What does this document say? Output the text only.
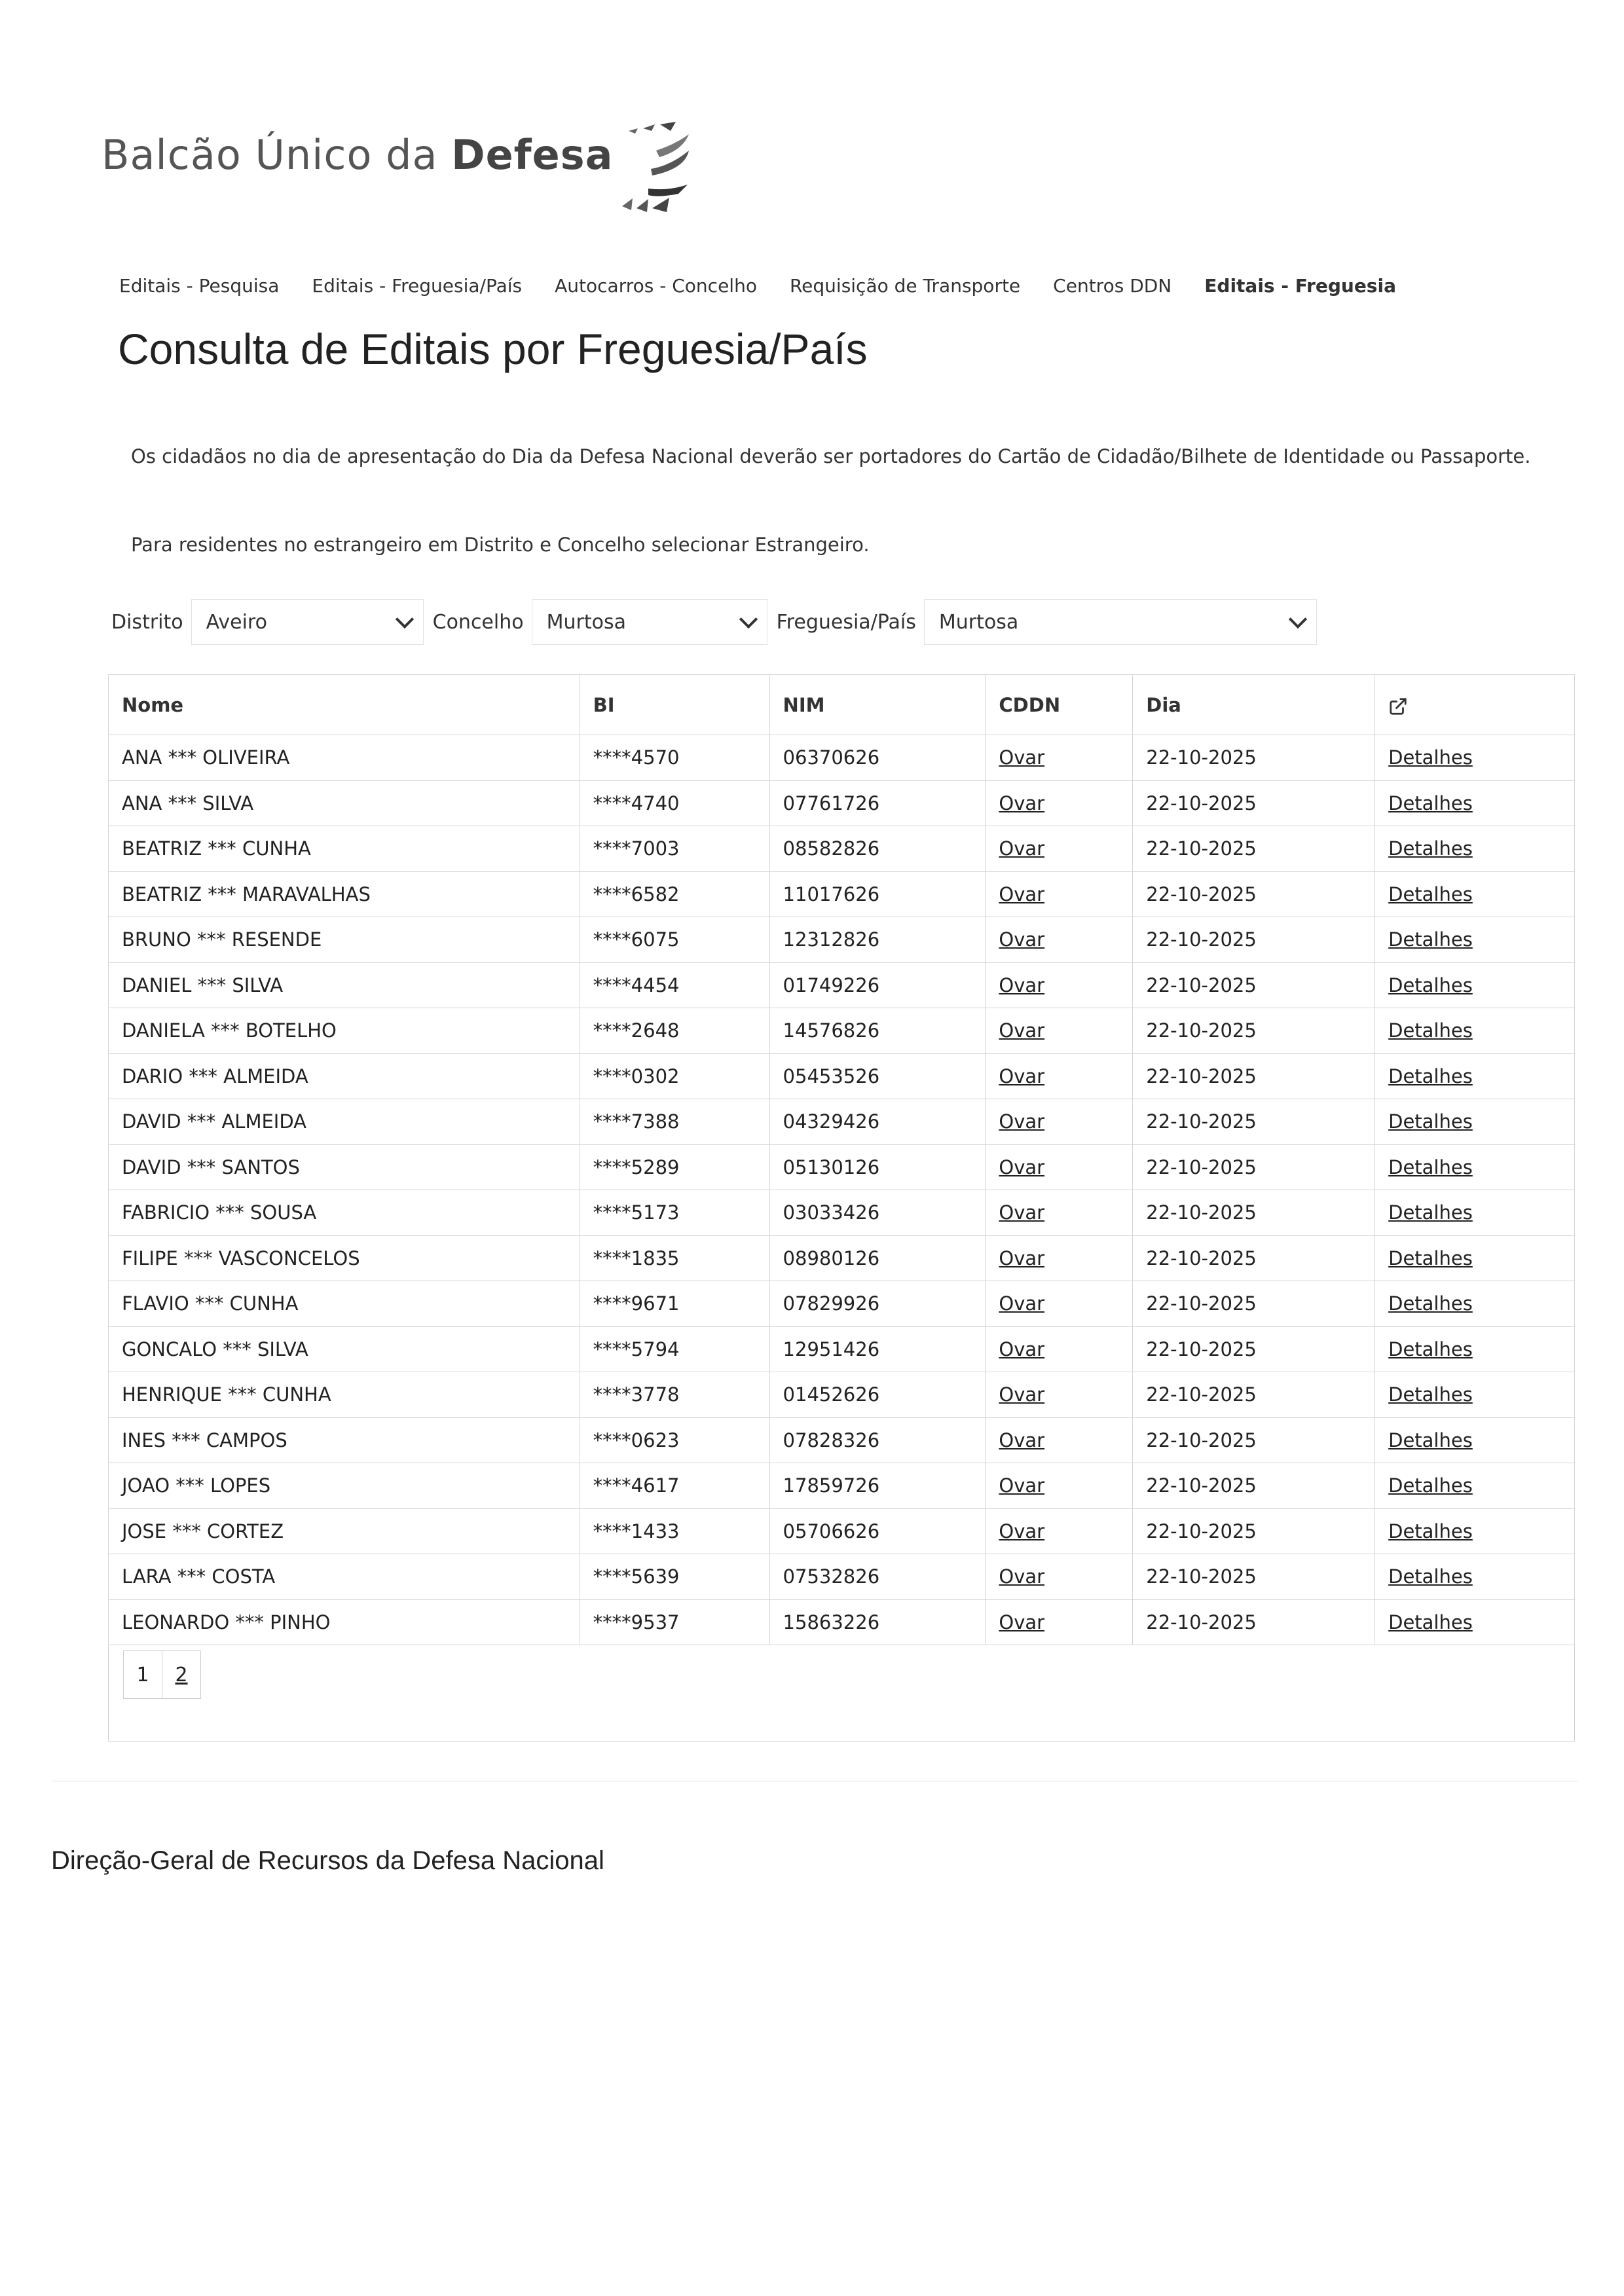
Balcão Único da Defesa
Editais - Pesquisa Editais - Freguesia/País Autocarros - Concelho Requisição de Transporte Centros DDN Editais - Freguesia
Consulta de Editais por Freguesia/País
Os cidadãos no dia de apresentação do Dia da Defesa Nacional deverão ser portadores do Cartão de Cidadão/Bilhete de Identidade ou Passaporte.
Para residentes no estrangeiro em Distrito e Concelho selecionar Estrangeiro.
Distrito Aveiro	Concelho Murtosa	Freguesia/País Murtosa
Nome	BI	NIM	CDDN	Dia	
ANA *** OLIVEIRA	****4570	06370626	Ovar	22-10-2025	Detalhes
ANA *** SILVA	****4740	07761726	Ovar	22-10-2025	Detalhes
BEATRIZ *** CUNHA	****7003	08582826	Ovar	22-10-2025	Detalhes
BEATRIZ *** MARAVALHAS	****6582	11017626	Ovar	22-10-2025	Detalhes
BRUNO *** RESENDE	****6075	12312826	Ovar	22-10-2025	Detalhes
DANIEL *** SILVA	****4454	01749226	Ovar	22-10-2025	Detalhes
DANIELA *** BOTELHO	****2648	14576826	Ovar	22-10-2025	Detalhes
DARIO *** ALMEIDA	****0302	05453526	Ovar	22-10-2025	Detalhes
DAVID *** ALMEIDA	****7388	04329426	Ovar	22-10-2025	Detalhes
DAVID *** SANTOS	****5289	05130126	Ovar	22-10-2025	Detalhes
FABRICIO *** SOUSA	****5173	03033426	Ovar	22-10-2025	Detalhes
FILIPE *** VASCONCELOS	****1835	08980126	Ovar	22-10-2025	Detalhes
FLAVIO *** CUNHA	****9671	07829926	Ovar	22-10-2025	Detalhes
GONCALO *** SILVA	****5794	12951426	Ovar	22-10-2025	Detalhes
HENRIQUE *** CUNHA	****3778	01452626	Ovar	22-10-2025	Detalhes
INES *** CAMPOS	****0623	07828326	Ovar	22-10-2025	Detalhes
JOAO *** LOPES	****4617	17859726	Ovar	22-10-2025	Detalhes
JOSE *** CORTEZ	****1433	05706626	Ovar	22-10-2025	Detalhes
LARA *** COSTA	****5639	07532826	Ovar	22-10-2025	Detalhes
LEONARDO *** PINHO	****9537	15863226	Ovar	22-10-2025	Detalhes
1	2
Direção-Geral de Recursos da Defesa Nacional
